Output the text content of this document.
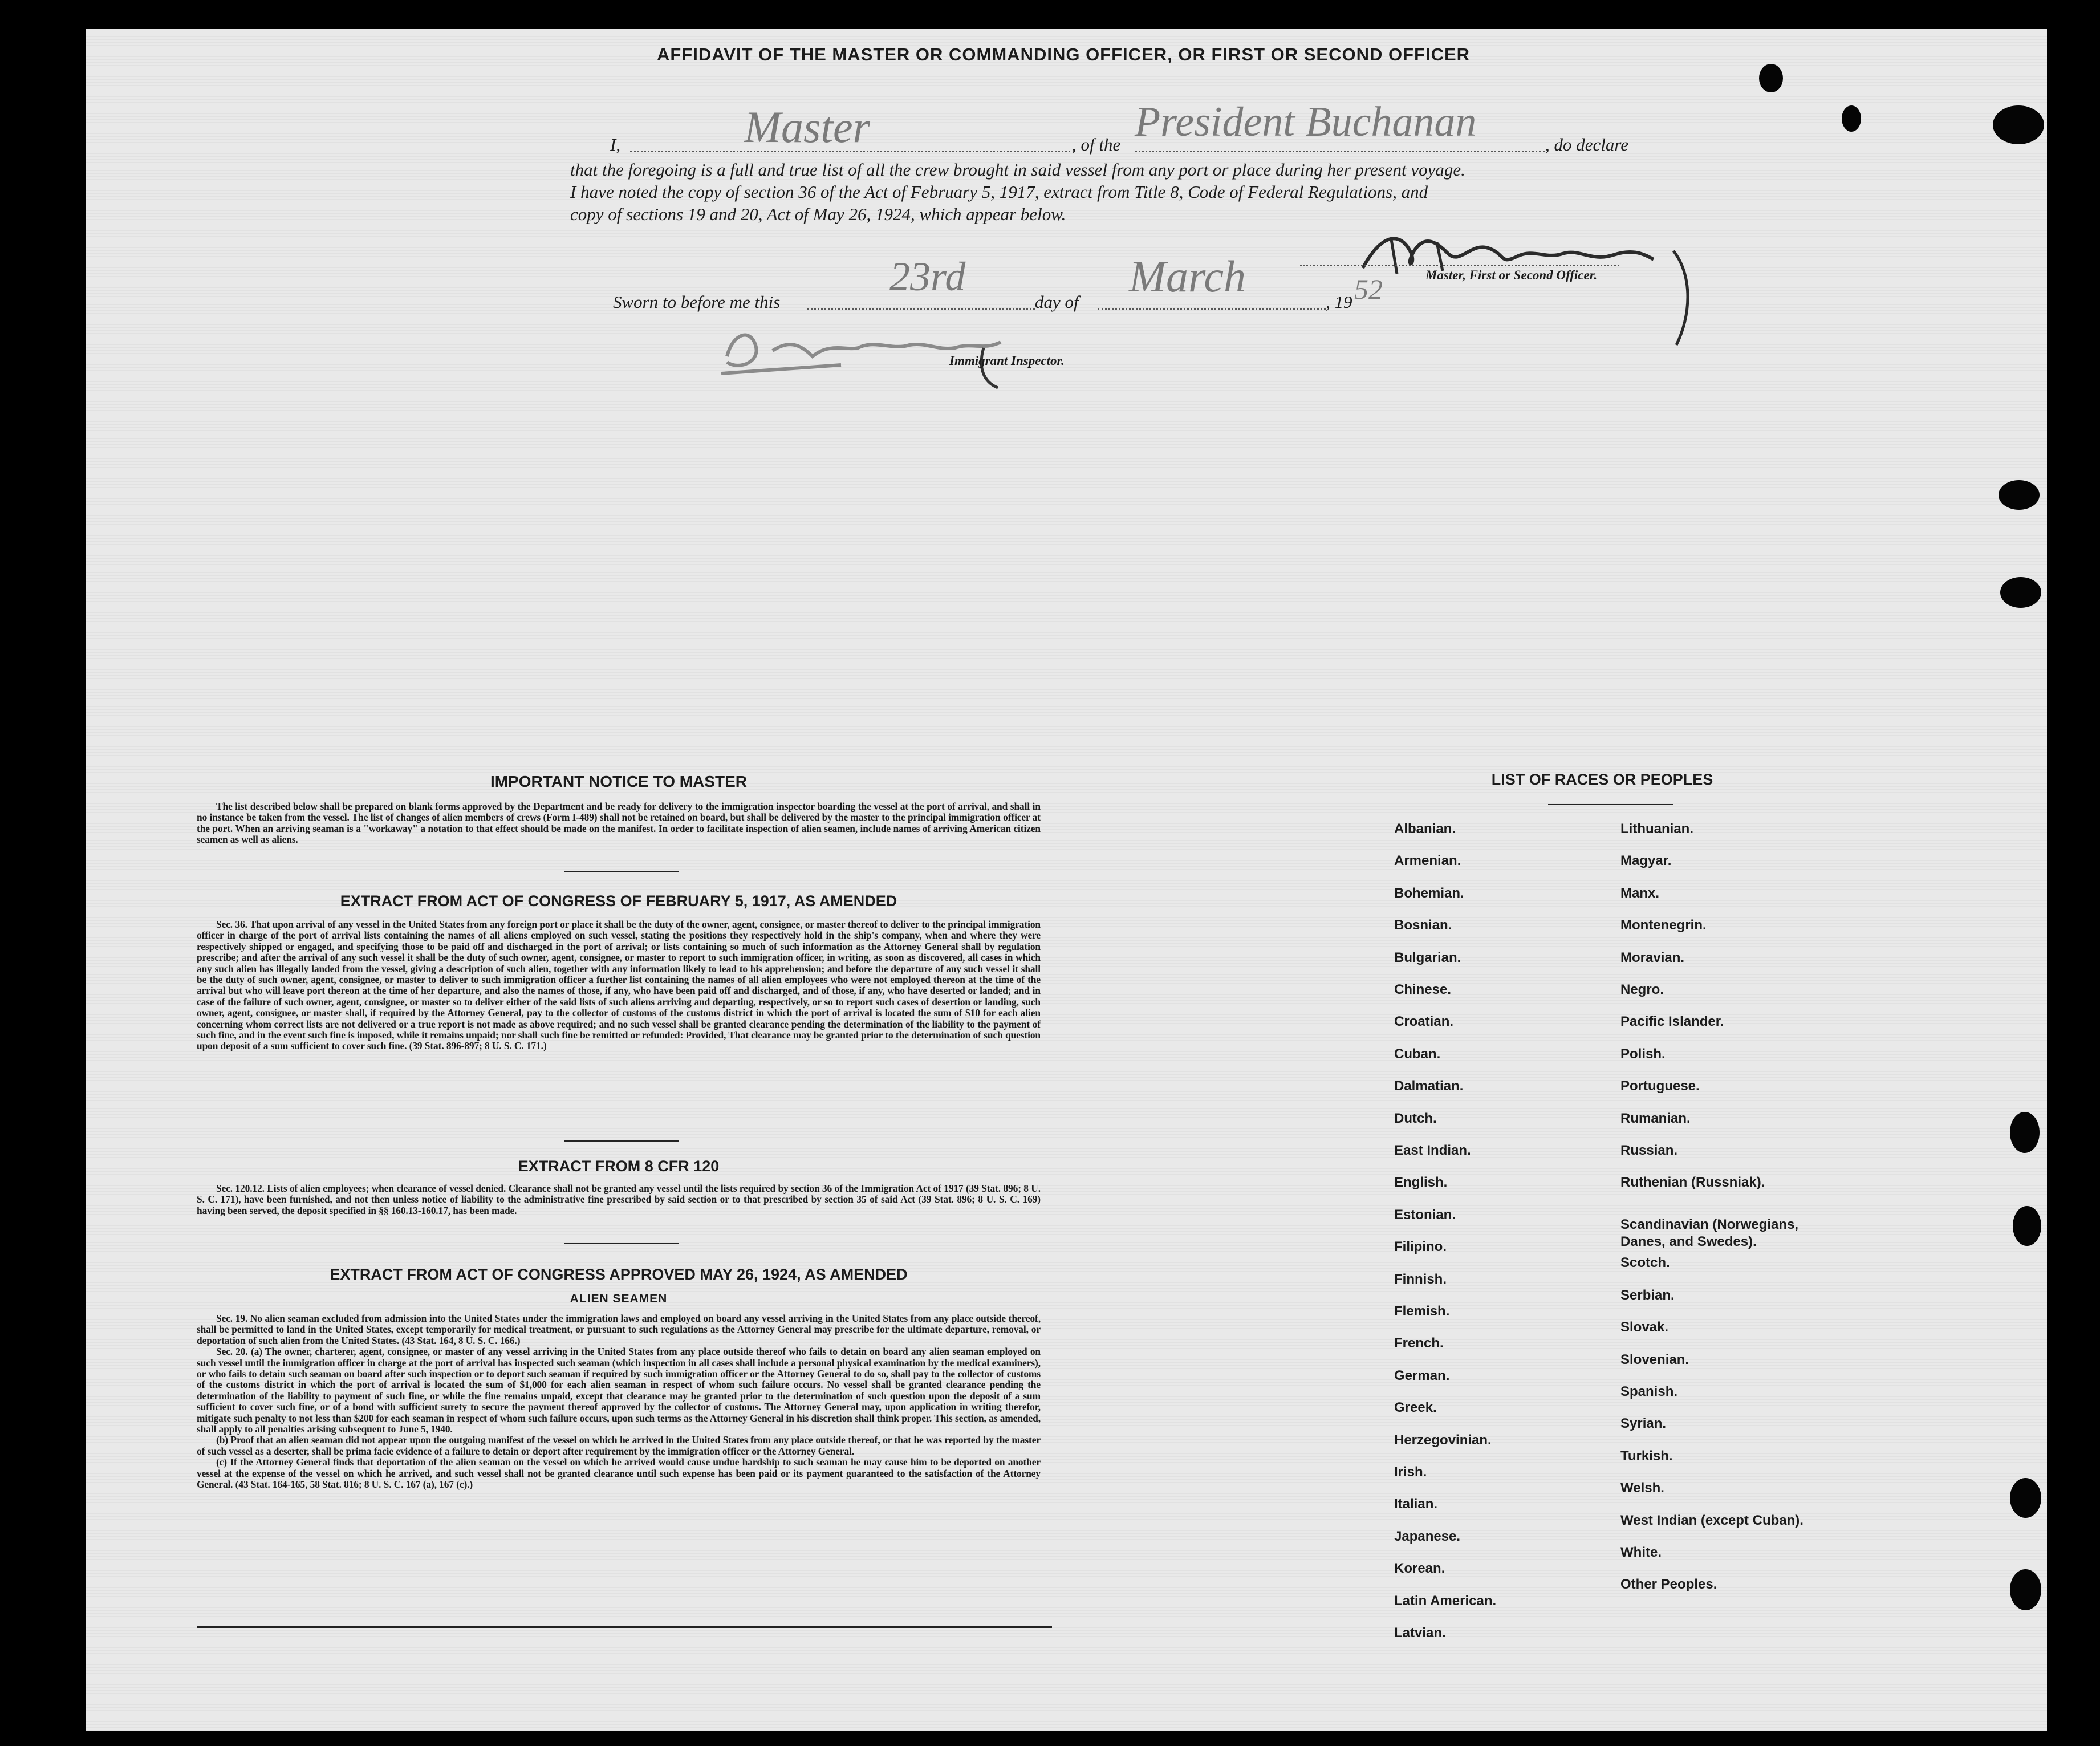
AFFIDAVIT OF THE MASTER OR COMMANDING OFFICER, OR FIRST OR SECOND OFFICER
I,	Master	, of the President Buchanan	, do declare
that the foregoing is a full and true list of all the crew brought in said vessel from any port or place during her present voyage.
I have noted the copy of section 36 of the Act of February 5, 1917, extract from Title 8, Code of Federal Regulations, and
copy of sections 19 and 20, Act of May 26, 1924, which appear below.
Master, First or Second Officer.
Sworn to before me this
23rd
day of
March
, 19 52
Immigrant Inspector.
IMPORTANT NOTICE TO MASTER

The list described below shall be prepared on blank forms approved by the Department and be ready for delivery to the immigration inspector boarding the vessel at the port of arrival, and shall in no instance be taken from the vessel. The list of changes of alien members of crews (Form I-489) shall not be retained on board, but shall be delivered by the master to the principal immigration officer at the port. When an arriving seaman is a "workaway" a notation to that effect should be made on the manifest. In order to facilitate inspection of alien seamen, include names of arriving American citizen seamen as well as aliens.

EXTRACT FROM ACT OF CONGRESS OF FEBRUARY 5, 1917, AS AMENDED

Sec. 36. That upon arrival of any vessel in the United States from any foreign port or place it shall be the duty of the owner, agent, consignee, or master thereof to deliver to the principal immigration officer in charge of the port of arrival lists containing the names of all aliens employed on such vessel, stating the positions they respectively hold in the ship's company, when and where they were respectively shipped or engaged, and specifying those to be paid off and discharged in the port of arrival; or lists containing so much of such information as the Attorney General shall by regulation prescribe; and after the arrival of any such vessel it shall be the duty of such owner, agent, consignee, or master to report to such immigration officer, in writing, as soon as discovered, all cases in which any such alien has illegally landed from the vessel, giving a description of such alien, together with any information likely to lead to his apprehension; and before the departure of any such vessel it shall be the duty of such owner, agent, consignee, or master to deliver to such immigration officer a further list containing the names of all alien employees who were not employed thereon at the time of the arrival but who will leave port thereon at the time of her departure, and also the names of those, if any, who have been paid off and discharged, and of those, if any, who have deserted or landed; and in case of the failure of such owner, agent, consignee, or master so to deliver either of the said lists of such aliens arriving and departing, respectively, or so to report such cases of desertion or landing, such owner, agent, consignee, or master shall, if required by the Attorney General, pay to the collector of customs of the customs district in which the port of arrival is located the sum of $10 for each alien concerning whom correct lists are not delivered or a true report is not made as above required; and no such vessel shall be granted clearance pending the determination of the liability to the payment of such fine, and in the event such fine is imposed, while it remains unpaid; nor shall such fine be remitted or refunded: Provided, That clearance may be granted prior to the determination of such question upon deposit of a sum sufficient to cover such fine. (39 Stat. 896-897; 8 U. S. C. 171.)

EXTRACT FROM 8 CFR 120

Sec. 120.12. Lists of alien employees; when clearance of vessel denied. Clearance shall not be granted any vessel until the lists required by section 36 of the Immigration Act of 1917 (39 Stat. 896; 8 U. S. C. 171), have been furnished, and not then unless notice of liability to the administrative fine prescribed by said section or to that prescribed by section 35 of said Act (39 Stat. 896; 8 U. S. C. 169) having been served, the deposit specified in §§ 160.13-160.17, has been made.

EXTRACT FROM ACT OF CONGRESS APPROVED MAY 26, 1924, AS AMENDED
ALIEN SEAMEN

Sec. 19. No alien seaman excluded from admission into the United States under the immigration laws and employed on board any vessel arriving in the United States from any place outside thereof, shall be permitted to land in the United States, except temporarily for medical treatment, or pursuant to such regulations as the Attorney General may prescribe for the ultimate departure, removal, or deportation of such alien from the United States. (43 Stat. 164, 8 U. S. C. 166.)

Sec. 20. (a) The owner, charterer, agent, consignee, or master of any vessel arriving in the United States from any place outside thereof who fails to detain on board any alien seaman employed on such vessel until the immigration officer in charge at the port of arrival has inspected such seaman (which inspection in all cases shall include a personal physical examination by the medical examiners), or who fails to detain such seaman on board after such inspection or to deport such seaman if required by such immigration officer or the Attorney General to do so, shall pay to the collector of customs of the customs district in which the port of arrival is located the sum of $1,000 for each alien seaman in respect of whom such failure occurs. No vessel shall be granted clearance pending the determination of the liability to payment of such fine, or while the fine remains unpaid, except that clearance may be granted prior to the determination of such question upon the deposit of a sum sufficient to cover such fine, or of a bond with sufficient surety to secure the payment thereof approved by the collector of customs. The Attorney General may, upon application in writing therefor, mitigate such penalty to not less than $200 for each seaman in respect of whom such failure occurs, upon such terms as the Attorney General in his discretion shall think proper. This section, as amended, shall apply to all penalties arising subsequent to June 5, 1940.

(b) Proof that an alien seaman did not appear upon the outgoing manifest of the vessel on which he arrived in the United States from any place outside thereof, or that he was reported by the master of such vessel as a deserter, shall be prima facie evidence of a failure to detain or deport after requirement by the immigration officer or the Attorney General.

(c) If the Attorney General finds that deportation of the alien seaman on the vessel on which he arrived would cause undue hardship to such seaman he may cause him to be deported on another vessel at the expense of the vessel on which he arrived, and such vessel shall not be granted clearance until such expense has been paid or its payment guaranteed to the satisfaction of the Attorney General. (43 Stat. 164-165, 58 Stat. 816; 8 U. S. C. 167 (a), 167 (c).)

LIST OF RACES OR PEOPLES
Albanian.
Armenian.
Bohemian.
Bosnian.
Bulgarian.
Chinese.
Croatian.
Cuban.
Dalmatian.
Dutch.
East Indian.
English.
Estonian.
Filipino.
Finnish.
Flemish.
French.
German.
Greek.
Herzegovinian.
Irish.
Italian.
Japanese.
Korean.
Latin American.
Latvian.
Lithuanian.
Magyar.
Manx.
Montenegrin.
Moravian.
Negro.
Pacific Islander.
Polish.
Portuguese.
Rumanian.
Russian.
Ruthenian (Russniak).
Scandinavian (Norwegians, Danes, and Swedes).
Scotch.
Serbian.
Slovak.
Slovenian.
Spanish.
Syrian.
Turkish.
Welsh.
West Indian (except Cuban).
White.
Other Peoples.
